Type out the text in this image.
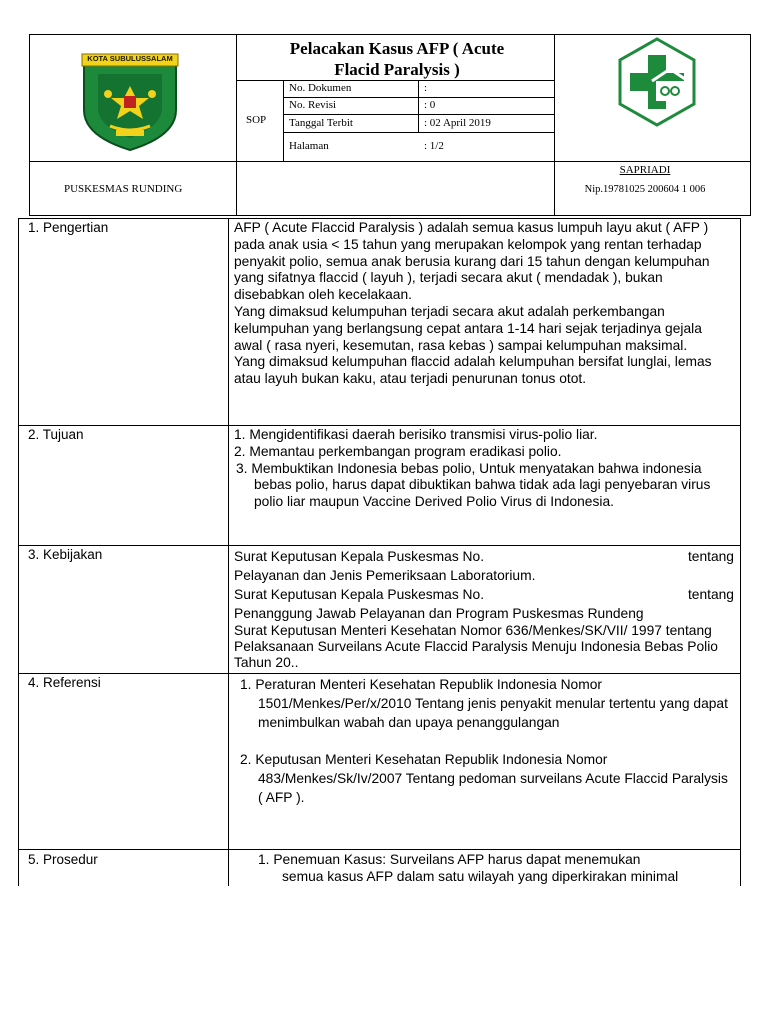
KOTA SUBULUSSALAM
Pelacakan Kasus AFP ( Acute
Flacid Paralysis )
SOP
No. Dokumen	:
No. Revisi	: 0
Tanggal Terbit	: 02 April 2019
Halaman	: 1/2
PUSKESMAS RUNDING
SAPRIADI
Nip.19781025 200604 1 006
1. Pengertian	AFP ( Acute Flaccid Paralysis ) adalah semua kasus lumpuh layu akut ( AFP ) pada anak usia < 15 tahun yang merupakan kelompok yang rentan terhadap penyakit polio, semua anak berusia kurang dari 15 tahun dengan kelumpuhan yang sifatnya flaccid ( layuh ), terjadi secara akut ( mendadak ), bukan disebabkan oleh kecelakaan.

Yang dimaksud kelumpuhan terjadi secara akut adalah perkembangan kelumpuhan yang berlangsung cepat antara 1-14 hari sejak terjadinya gejala awal ( rasa nyeri, kesemutan, rasa kebas ) sampai kelumpuhan maksimal.

Yang dimaksud kelumpuhan flaccid adalah kelumpuhan bersifat lunglai, lemas atau layuh bukan kaku, atau terjadi penurunan tonus otot.

2. Tujuan	1. Mengidentifikasi daerah berisiko transmisi virus-polio liar.

2. Memantau perkembangan program eradikasi polio.

3. Membuktikan Indonesia bebas polio, Untuk menyatakan bahwa indonesia bebas polio, harus dapat dibuktikan bahwa tidak ada lagi penyebaran virus polio liar maupun Vaccine Derived Polio Virus di Indonesia.

3. Kebijakan	Surat Keputusan Kepala Puskesmas No.	tentang
Pelayanan dan Jenis Pemeriksaan Laboratorium.
Surat Keputusan Kepala Puskesmas No.	tentang
Penanggung Jawab Pelayanan dan Program Puskesmas Rundeng
Surat Keputusan Menteri Kesehatan Nomor 636/Menkes/SK/VII/ 1997 tentang Pelaksanaan Surveilans Acute Flaccid Paralysis Menuju Indonesia Bebas Polio Tahun 20..
4. Referensi	1. Peraturan Menteri Kesehatan Republik Indonesia Nomor 1501/Menkes/Per/x/2010 Tentang jenis penyakit menular tertentu yang dapat menimbulkan wabah dan upaya penanggulangan

2. Keputusan Menteri Kesehatan Republik Indonesia Nomor 483/Menkes/Sk/Iv/2007 Tentang pedoman surveilans Acute Flaccid Paralysis ( AFP ).

5. Prosedur	1. Penemuan Kasus: Surveilans AFP harus dapat menemukan
semua kasus AFP dalam satu wilayah yang diperkirakan minimal
